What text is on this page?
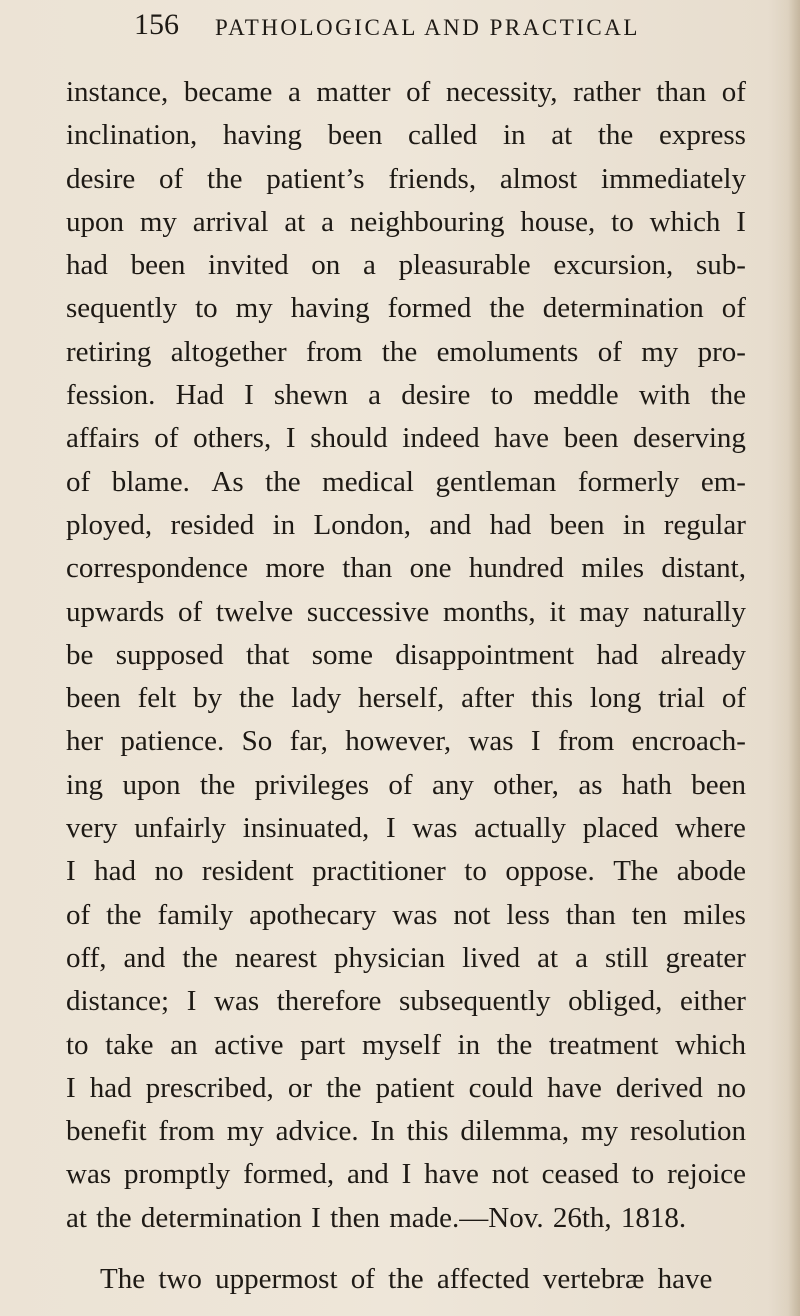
156 PATHOLOGICAL AND PRACTICAL
instance, became a matter of necessity, rather than of
inclination, having been called in at the express
desire of the patient’s friends, almost immediately
upon my arrival at a neighbouring house, to which I
had been invited on a pleasurable excursion, sub-
sequently to my having formed the determination of
retiring altogether from the emoluments of my pro-
fession. Had I shewn a desire to meddle with the
affairs of others, I should indeed have been deserving
of blame. As the medical gentleman formerly em-
ployed, resided in London, and had been in regular
correspondence more than one hundred miles distant,
upwards of twelve successive months, it may naturally
be supposed that some disappointment had already
been felt by the lady herself, after this long trial of
her patience. So far, however, was I from encroach-
ing upon the privileges of any other, as hath been
very unfairly insinuated, I was actually placed where
I had no resident practitioner to oppose. The abode
of the family apothecary was not less than ten miles
off, and the nearest physician lived at a still greater
distance; I was therefore subsequently obliged, either
to take an active part myself in the treatment which
I had prescribed, or the patient could have derived no
benefit from my advice. In this dilemma, my resolution
was promptly formed, and I have not ceased to rejoice
at the determination I then made.—Nov. 26th, 1818.
The two uppermost of the affected vertebræ have
